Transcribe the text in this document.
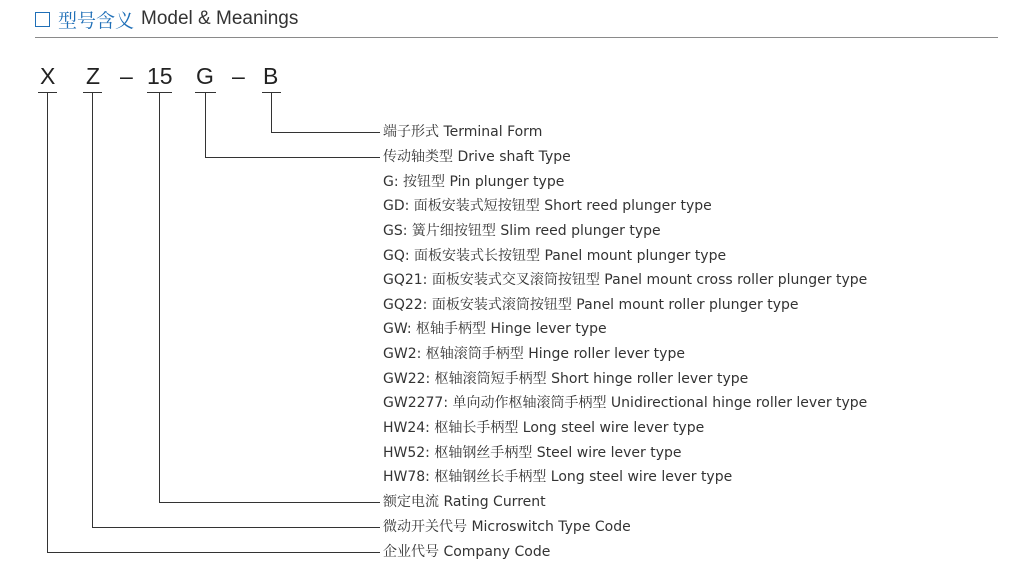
型号含义 Model & Meanings
X Z – 15 G – B
端子形式 Terminal Form
传动轴类型 Drive shaft Type
G: 按钮型 Pin plunger type
GD: 面板安装式短按钮型 Short reed plunger type
GS: 簧片细按钮型 Slim reed plunger type
GQ: 面板安装式长按钮型 Panel mount plunger type
GQ21: 面板安装式交叉滚筒按钮型 Panel mount cross roller plunger type
GQ22: 面板安装式滚筒按钮型 Panel mount roller plunger type
GW: 枢轴手柄型 Hinge lever type
GW2: 枢轴滚筒手柄型 Hinge roller lever type
GW22: 枢轴滚筒短手柄型 Short hinge roller lever type
GW2277: 单向动作枢轴滚筒手柄型 Unidirectional hinge roller lever type
HW24: 枢轴长手柄型 Long steel wire lever type
HW52: 枢轴钢丝手柄型 Steel wire lever type
HW78: 枢轴钢丝长手柄型 Long steel wire lever type
额定电流 Rating Current
微动开关代号 Microswitch Type Code
企业代号 Company Code
